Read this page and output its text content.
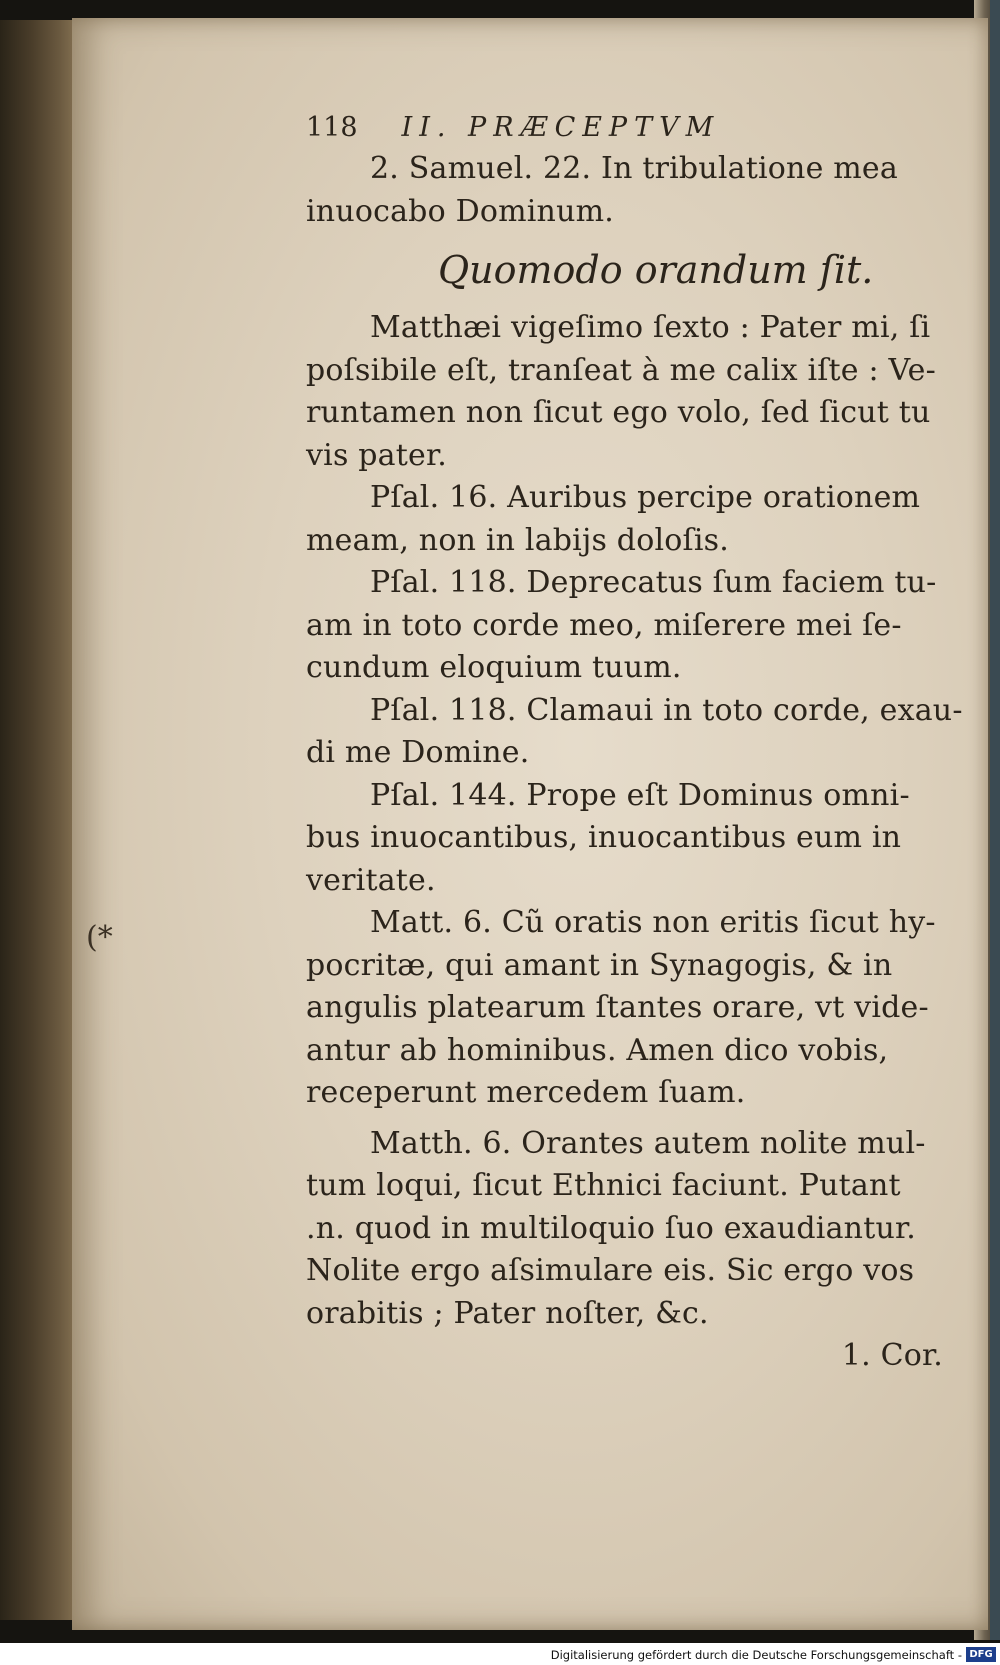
(*
118 II. PRÆCEPTVM
2. Samuel. 22. In tribulatione mea
inuocabo Dominum.
Quomodo orandum ſit.
Matthæi vigeſimo ſexto : Pater mi, ſi
poſsibile eſt, tranſeat à me calix iſte : Ve-
runtamen non ſicut ego volo, ſed ſicut tu
vis pater.
Pſal. 16. Auribus percipe orationem
meam, non in labijs doloſis.
Pſal. 118. Deprecatus ſum faciem tu-
am in toto corde meo, miſerere mei ſe-
cundum eloquium tuum.
Pſal. 118. Clamaui in toto corde, exau-
di me Domine.
Pſal. 144. Prope eſt Dominus omni-
bus inuocantibus, inuocantibus eum in
veritate.
Matt. 6. Cũ oratis non eritis ſicut hy-
pocritæ, qui amant in Synagogis, & in
angulis platearum ſtantes orare, vt vide-
antur ab hominibus. Amen dico vobis,
receperunt mercedem ſuam.
Matth. 6. Orantes autem nolite mul-
tum loqui, ſicut Ethnici faciunt. Putant
.n. quod in multiloquio ſuo exaudiantur.
Nolite ergo aſsimulare eis. Sic ergo vos
orabitis ; Pater noſter, &c.
1. Cor.
Digitalisierung gefördert durch die Deutsche Forschungsgemeinschaft - DFG
